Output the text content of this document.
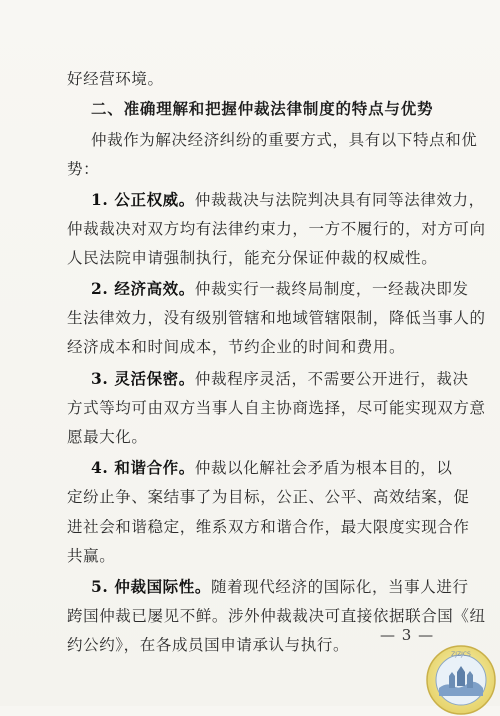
好经营环境。
二、准确理解和把握仲裁法律制度的特点与优势
仲裁作为解决经济纠纷的重要方式，具有以下特点和优
势：
1. 公正权威。仲裁裁决与法院判决具有同等法律效力，
仲裁裁决对双方均有法律约束力，一方不履行的，对方可向
人民法院申请强制执行，能充分保证仲裁的权威性。
2. 经济高效。仲裁实行一裁终局制度，一经裁决即发
生法律效力，没有级别管辖和地域管辖限制，降低当事人的
经济成本和时间成本，节约企业的时间和费用。
3. 灵活保密。仲裁程序灵活，不需要公开进行，裁决
方式等均可由双方当事人自主协商选择，尽可能实现双方意
愿最大化。
4. 和谐合作。仲裁以化解社会矛盾为根本目的，以
定纷止争、案结事了为目标，公正、公平、高效结案，促
进社会和谐稳定，维系双方和谐合作，最大限度实现合作
共赢。
5. 仲裁国际性。随着现代经济的国际化，当事人进行
跨国仲裁已屡见不鲜。涉外仲裁裁决可直接依据联合国《纽
约公约》，在各成员国申请承认与执行。
— 3 —
ZJZJCS
